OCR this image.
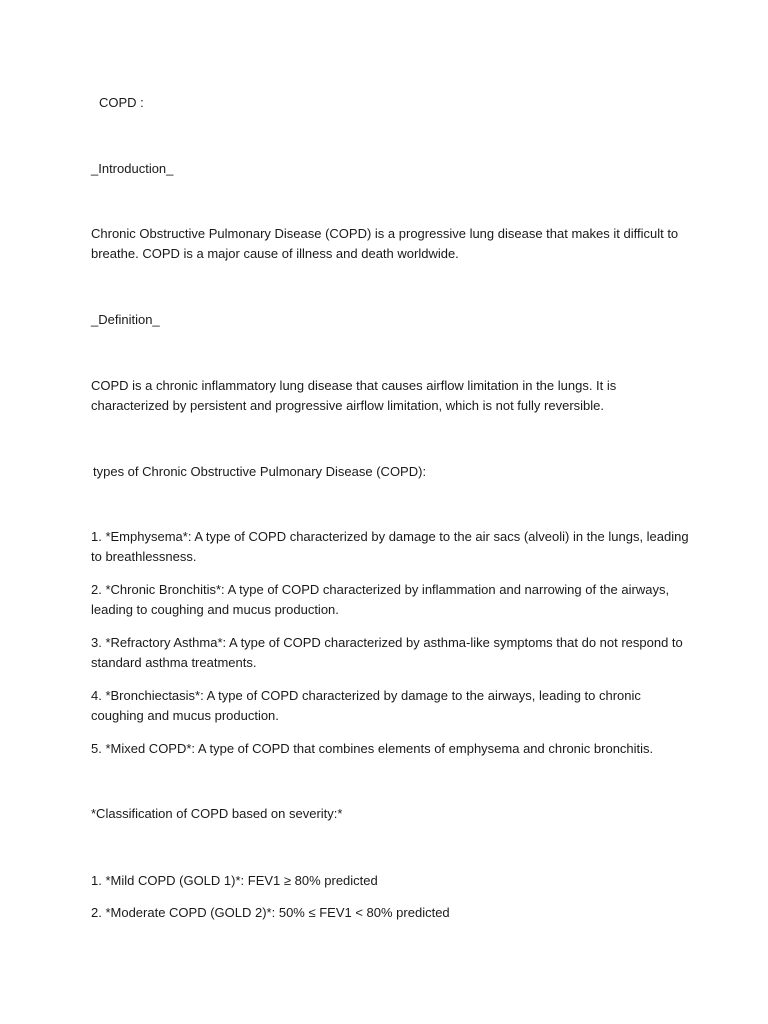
COPD :
_Introduction_
Chronic Obstructive Pulmonary Disease (COPD) is a progressive lung disease that makes it difficult to breathe. COPD is a major cause of illness and death worldwide.
_Definition_
COPD is a chronic inflammatory lung disease that causes airflow limitation in the lungs. It is characterized by persistent and progressive airflow limitation, which is not fully reversible.
types of Chronic Obstructive Pulmonary Disease (COPD):
1. *Emphysema*: A type of COPD characterized by damage to the air sacs (alveoli) in the lungs, leading to breathlessness.
2. *Chronic Bronchitis*: A type of COPD characterized by inflammation and narrowing of the airways, leading to coughing and mucus production.
3. *Refractory Asthma*: A type of COPD characterized by asthma-like symptoms that do not respond to standard asthma treatments.
4. *Bronchiectasis*: A type of COPD characterized by damage to the airways, leading to chronic coughing and mucus production.
5. *Mixed COPD*: A type of COPD that combines elements of emphysema and chronic bronchitis.
*Classification of COPD based on severity:*
1. *Mild COPD (GOLD 1)*: FEV1 ≥ 80% predicted
2. *Moderate COPD (GOLD 2)*: 50% ≤ FEV1 < 80% predicted
